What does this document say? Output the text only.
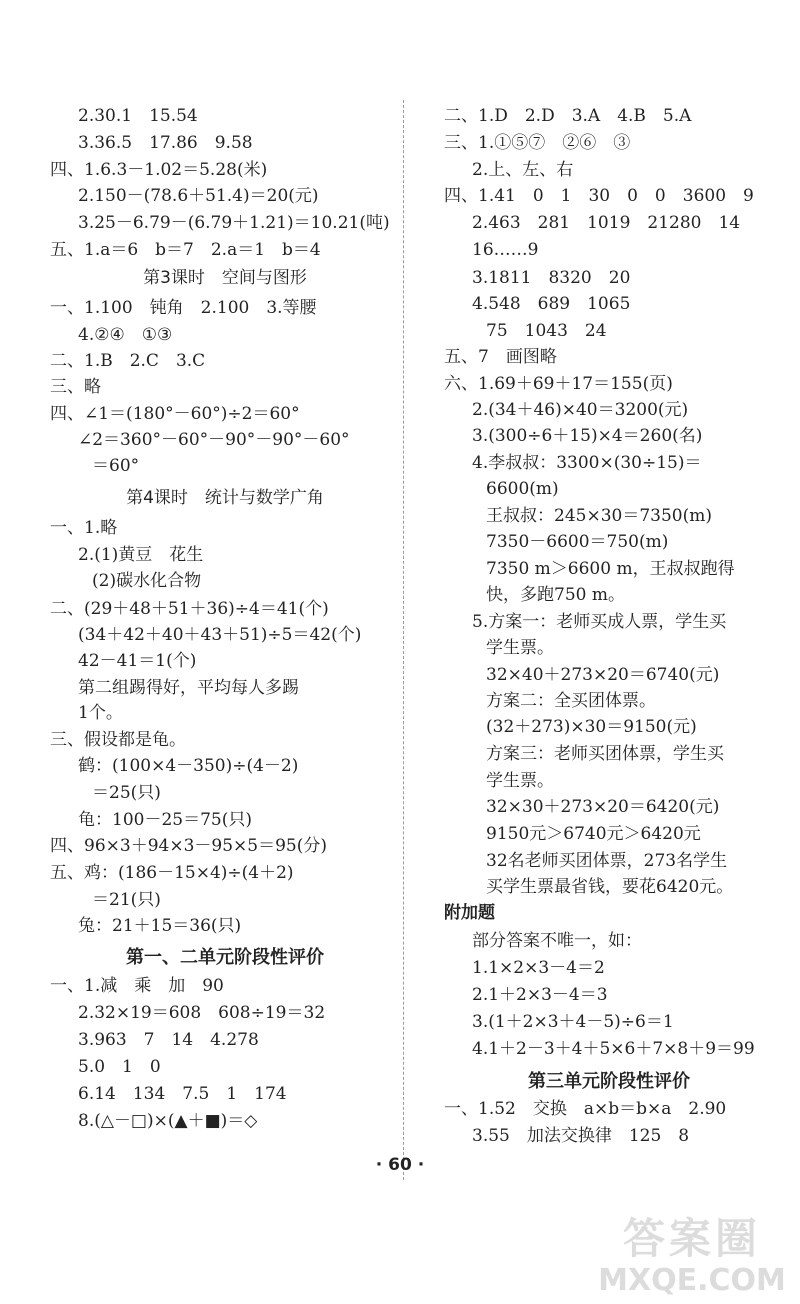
2.30.1　15.54
3.36.5　17.86　9.58
四、1.6.3－1.02＝5.28(米)
2.150－(78.6＋51.4)＝20(元)
3.25－6.79－(6.79＋1.21)＝10.21(吨)
五、1.a＝6　b＝7　2.a＝1　b＝4
第3课时　空间与图形
一、1.100　钝角　2.100　3.等腰
4.②④　①③
二、1.B　2.C　3.C
三、略
四、∠1＝(180°－60°)÷2＝60°
∠2＝360°－60°－90°－90°－60°
＝60°
第4课时　统计与数学广角
一、1.略
2.(1)黄豆　花生
(2)碳水化合物
二、(29＋48＋51＋36)÷4＝41(个)
(34＋42＋40＋43＋51)÷5＝42(个)
42－41＝1(个)
第二组踢得好，平均每人多踢
1个。
三、假设都是龟。
鹤：(100×4－350)÷(4－2)
＝25(只)
龟：100－25＝75(只)
四、96×3＋94×3－95×5＝95(分)
五、鸡：(186－15×4)÷(4＋2)
＝21(只)
兔：21＋15＝36(只)
第一、二单元阶段性评价
一、1.减　乘　加　90
2.32×19＝608　608÷19＝32
3.963　7　14　4.278
5.0　1　0
6.14　134　7.5　1　174
8.(△－□)×(▲＋■)＝◇
二、1.D　2.D　3.A　4.B　5.A
三、1.①⑤⑦　②⑥　③
2.上、左、右
四、1.41　0　1　30　0　0　3600　9
2.463　281　1019　21280　14
16……9
3.1811　8320　20
4.548　689　1065
75　1043　24
五、7　画图略
六、1.69＋69＋17＝155(页)
2.(34＋46)×40＝3200(元)
3.(300÷6＋15)×4＝260(名)
4.李叔叔：3300×(30÷15)＝
6600(m)
王叔叔：245×30＝7350(m)
7350－6600＝750(m)
7350 m＞6600 m，王叔叔跑得
快，多跑750 m。
5.方案一：老师买成人票，学生买
学生票。
32×40＋273×20＝6740(元)
方案二：全买团体票。
(32＋273)×30＝9150(元)
方案三：老师买团体票，学生买
学生票。
32×30＋273×20＝6420(元)
9150元＞6740元＞6420元
32名老师买团体票，273名学生
买学生票最省钱，要花6420元。
附加题
部分答案不唯一，如：
1.1×2×3－4＝2
2.1＋2×3－4＝3
3.(1＋2×3＋4－5)÷6＝1
4.1＋2－3＋4＋5×6＋7×8＋9＝99
第三单元阶段性评价
一、1.52　交换　a×b＝b×a　2.90
3.55　加法交换律　125　8
· 60 ·
答案圈
MXQE.COM
